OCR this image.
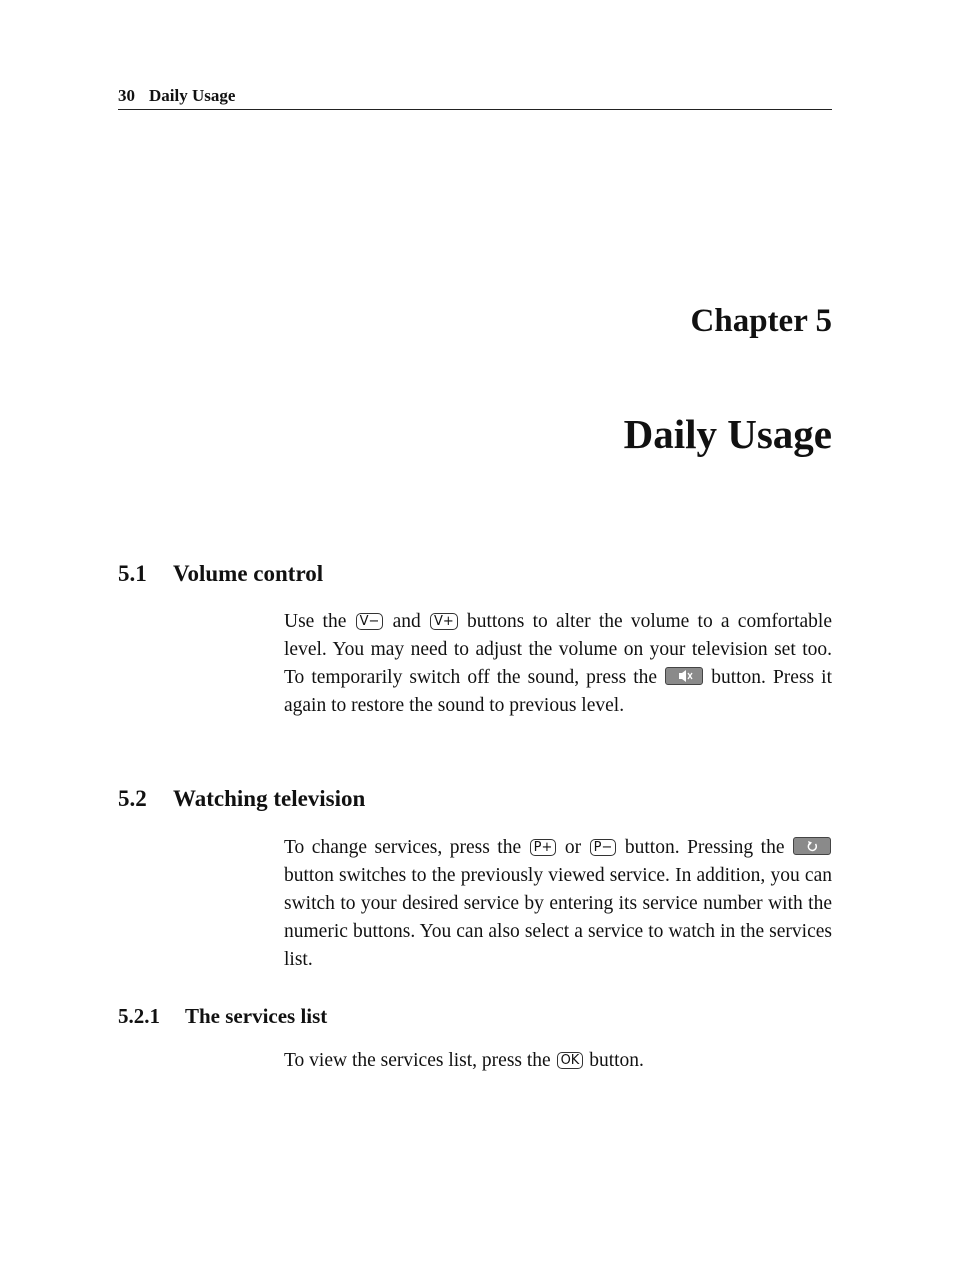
30 Daily Usage
Chapter 5
Daily Usage
5.1 Volume control
Use the V− and V+ buttons to alter the volume to a comfortable level. You may need to adjust the volume on your television set too. To temporarily switch off the sound, press the
button. Press it again to restore the sound to previous level.
5.2 Watching television
To change services, press the P+ or P− button. Pressing the
button switches to the previously viewed service. In addition, you can switch to your desired service by entering its service number with the numeric buttons. You can also select a service to watch in the services list.
5.2.1 The services list
To view the services list, press the OK button.
